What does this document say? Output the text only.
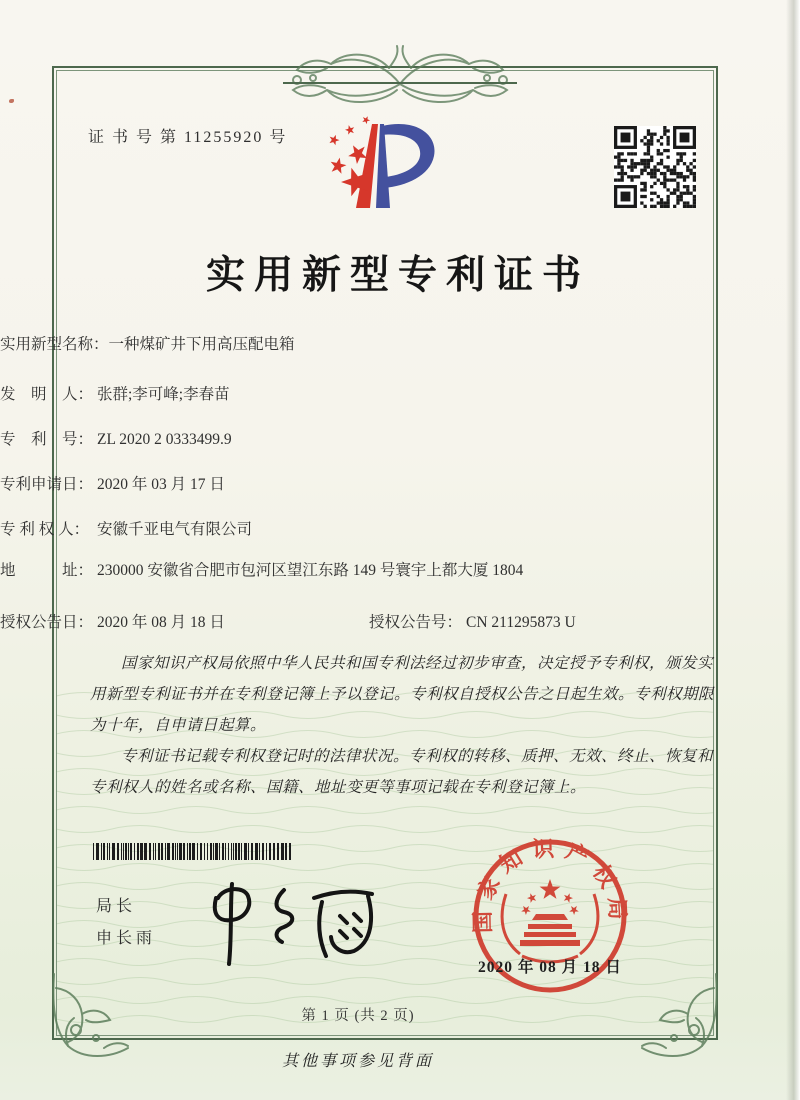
证 书 号 第 11255920 号
实用新型专利证书
实用新型名称： 一种煤矿井下用高压配电箱
发　明　人： 张群;李可峰;李春苗
专　利　号： ZL 2020 2 0333499.9
专利申请日： 2020 年 03 月 17 日
专 利 权 人： 安徽千亚电气有限公司
地　　　址： 230000 安徽省合肥市包河区望江东路 149 号寰宇上都大厦 1804
授权公告日： 2020 年 08 月 18 日	授权公告号： CN 211295873 U

国家知识产权局依照中华人民共和国专利法经过初步审查，决定授予专利权，颁发实用新型专利证书并在专利登记簿上予以登记。专利权自授权公告之日起生效。专利权期限为十年，自申请日起算。

专利证书记载专利权登记时的法律状况。专利权的转移、质押、无效、终止、恢复和专利权人的姓名或名称、国籍、地址变更等事项记载在专利登记簿上。

局长
申长雨
国家知识产权局
2020 年 08 月 18 日
第 1 页 (共 2 页)
其他事项参见背面
